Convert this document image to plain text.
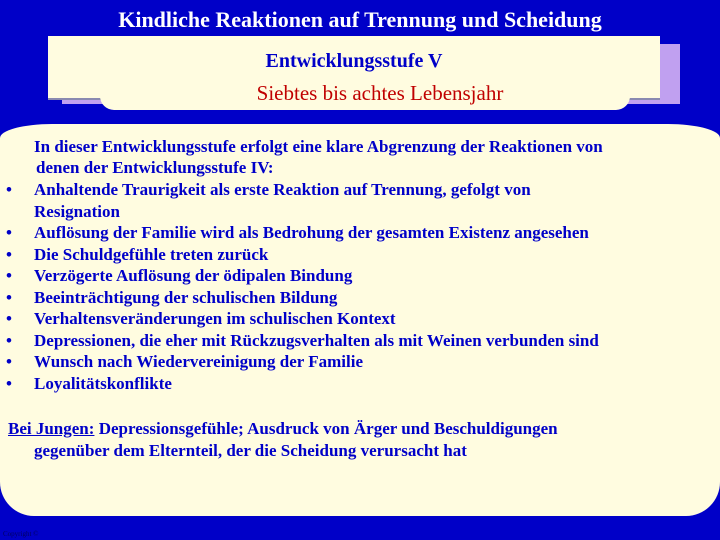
Kindliche Reaktionen auf Trennung und Scheidung
Entwicklungsstufe V
Siebtes bis achtes Lebensjahr
In dieser Entwicklungsstufe erfolgt eine klare Abgrenzung der Reaktionen von
denen der Entwicklungsstufe IV:
• Anhaltende Traurigkeit als erste Reaktion auf Trennung, gefolgt von
Resignation
• Auflösung der Familie wird als Bedrohung der gesamten Existenz angesehen
• Die Schuldgefühle treten zurück
• Verzögerte Auflösung der ödipalen Bindung
• Beeinträchtigung der schulischen Bildung
• Verhaltensveränderungen im schulischen Kontext
• Depressionen, die eher mit Rückzugsverhalten als mit Weinen verbunden sind
• Wunsch nach Wiedervereinigung der Familie
• Loyalitätskonflikte
Bei Jungen: Depressionsgefühle; Ausdruck von Ärger und Beschuldigungen
gegenüber dem Elternteil, der die Scheidung verursacht hat
Copyright ©
